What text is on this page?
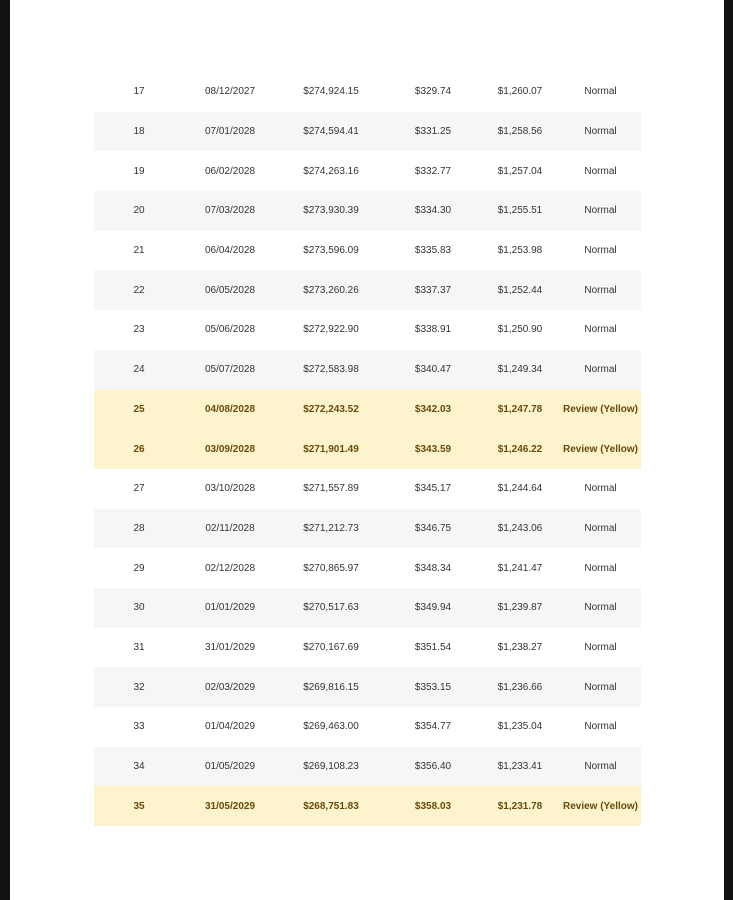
17	08/12/2027	$274,924.15	$329.74	$1,260.07	Normal
18	07/01/2028	$274,594.41	$331.25	$1,258.56	Normal
19	06/02/2028	$274,263.16	$332.77	$1,257.04	Normal
20	07/03/2028	$273,930.39	$334.30	$1,255.51	Normal
21	06/04/2028	$273,596.09	$335.83	$1,253.98	Normal
22	06/05/2028	$273,260.26	$337.37	$1,252.44	Normal
23	05/06/2028	$272,922.90	$338.91	$1,250.90	Normal
24	05/07/2028	$272,583.98	$340.47	$1,249.34	Normal
25	04/08/2028	$272,243.52	$342.03	$1,247.78	Review (Yellow)
26	03/09/2028	$271,901.49	$343.59	$1,246.22	Review (Yellow)
27	03/10/2028	$271,557.89	$345.17	$1,244.64	Normal
28	02/11/2028	$271,212.73	$346.75	$1,243.06	Normal
29	02/12/2028	$270,865.97	$348.34	$1,241.47	Normal
30	01/01/2029	$270,517.63	$349.94	$1,239.87	Normal
31	31/01/2029	$270,167.69	$351.54	$1,238.27	Normal
32	02/03/2029	$269,816.15	$353.15	$1,236.66	Normal
33	01/04/2029	$269,463.00	$354.77	$1,235.04	Normal
34	01/05/2029	$269,108.23	$356.40	$1,233.41	Normal
35	31/05/2029	$268,751.83	$358.03	$1,231.78	Review (Yellow)
